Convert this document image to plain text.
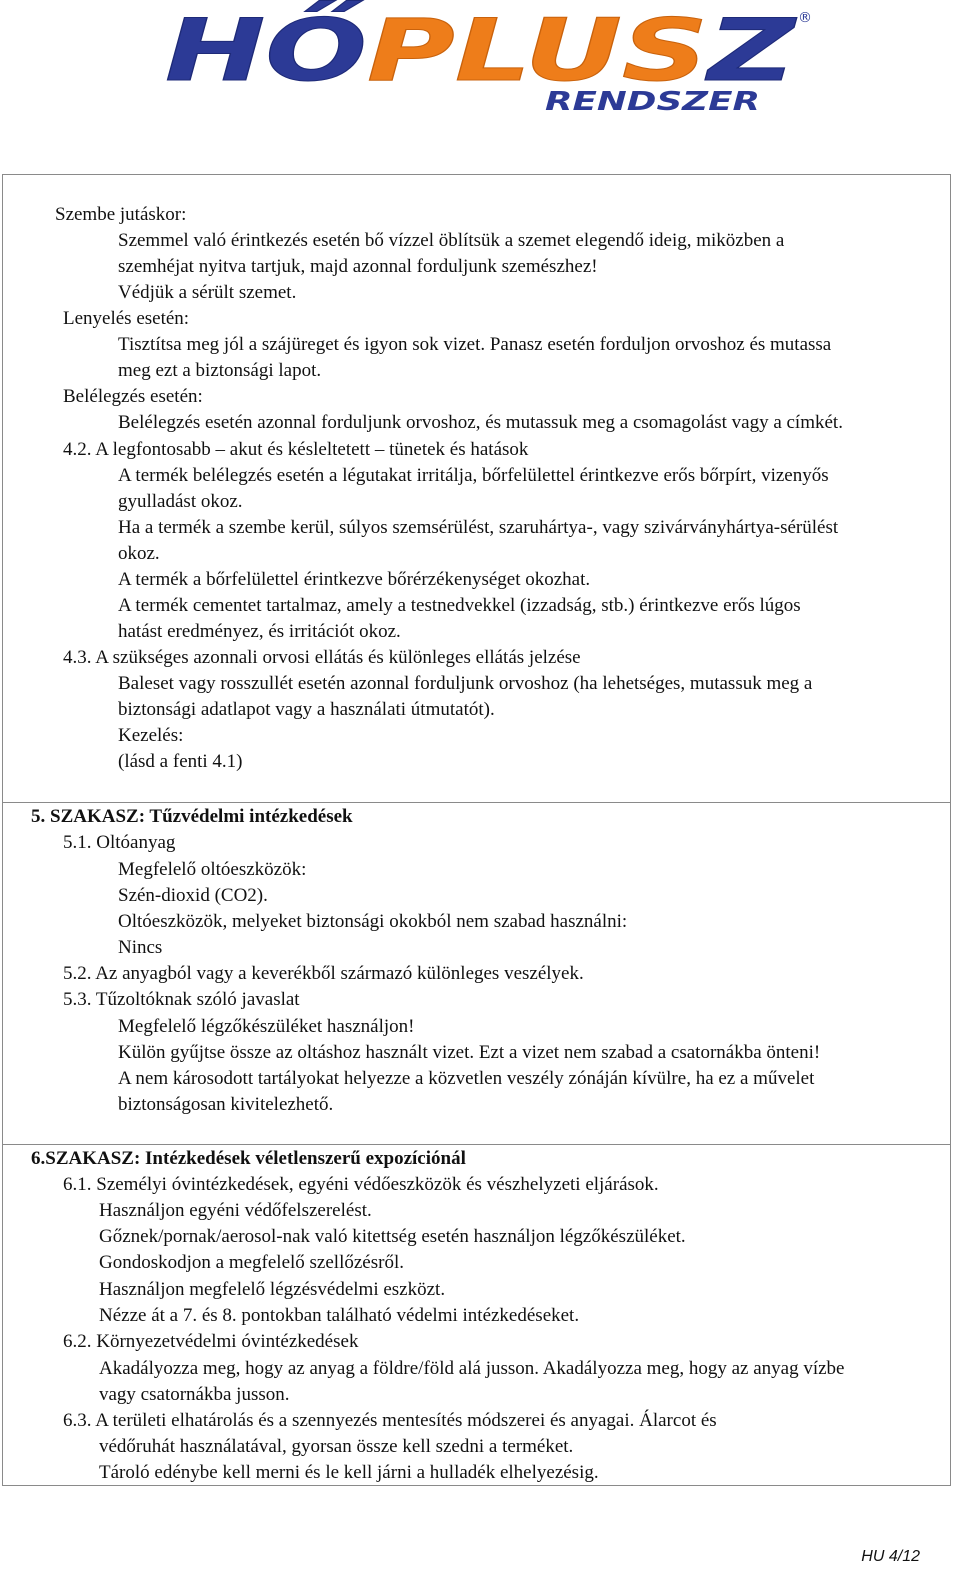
H Ő P L U S Z	®
RENDSZER
Szembe jutáskor:
Szemmel való érintkezés esetén bő vízzel öblítsük a szemet elegendő ideig, miközben a
szemhéjat nyitva tartjuk, majd azonnal forduljunk szemészhez!
Védjük a sérült szemet.
Lenyelés esetén:
Tisztítsa meg jól a szájüreget és igyon sok vizet. Panasz esetén forduljon orvoshoz és mutassa
meg ezt a biztonsági lapot.
Belélegzés esetén:
Belélegzés esetén azonnal forduljunk orvoshoz, és mutassuk meg a csomagolást vagy a címkét.
4.2. A legfontosabb – akut és késleltetett – tünetek és hatások
A termék belélegzés esetén a légutakat irritálja, bőrfelülettel érintkezve erős bőrpírt, vizenyős
gyulladást okoz.
Ha a termék a szembe kerül, súlyos szemsérülést, szaruhártya-, vagy szivárványhártya-sérülést
okoz.
A termék a bőrfelülettel érintkezve bőrérzékenységet okozhat.
A termék cementet tartalmaz, amely a testnedvekkel (izzadság, stb.) érintkezve erős lúgos
hatást eredményez, és irritációt okoz.
4.3. A szükséges azonnali orvosi ellátás és különleges ellátás jelzése
Baleset vagy rosszullét esetén azonnal forduljunk orvoshoz (ha lehetséges, mutassuk meg a
biztonsági adatlapot vagy a használati útmutatót).
Kezelés:
(lásd a fenti 4.1)
5. SZAKASZ: Tűzvédelmi intézkedések
5.1. Oltóanyag
Megfelelő oltóeszközök:
Szén-dioxid (CO2).
Oltóeszközök, melyeket biztonsági okokból nem szabad használni:
Nincs
5.2. Az anyagból vagy a keverékből származó különleges veszélyek.
5.3. Tűzoltóknak szóló javaslat
Megfelelő légzőkészüléket használjon!
Külön gyűjtse össze az oltáshoz használt vizet. Ezt a vizet nem szabad a csatornákba önteni!
A nem károsodott tartályokat helyezze a közvetlen veszély zónáján kívülre, ha ez a művelet
biztonságosan kivitelezhető.
6.SZAKASZ: Intézkedések véletlenszerű expozíciónál
6.1. Személyi óvintézkedések, egyéni védőeszközök és vészhelyzeti eljárások.
Használjon egyéni védőfelszerelést.
Gőznek/pornak/aerosol-nak való kitettség esetén használjon légzőkészüléket.
Gondoskodjon a megfelelő szellőzésről.
Használjon megfelelő légzésvédelmi eszközt.
Nézze át a 7. és 8. pontokban található védelmi intézkedéseket.
6.2. Környezetvédelmi óvintézkedések
Akadályozza meg, hogy az anyag a földre/föld alá jusson. Akadályozza meg, hogy az anyag vízbe
vagy csatornákba jusson.
6.3. A területi elhatárolás és a szennyezés mentesítés módszerei és anyagai. Álarcot és
védőruhát használatával, gyorsan össze kell szedni a terméket.
Tároló edénybe kell merni és le kell járni a hulladék elhelyezésig.
HU 4/12
